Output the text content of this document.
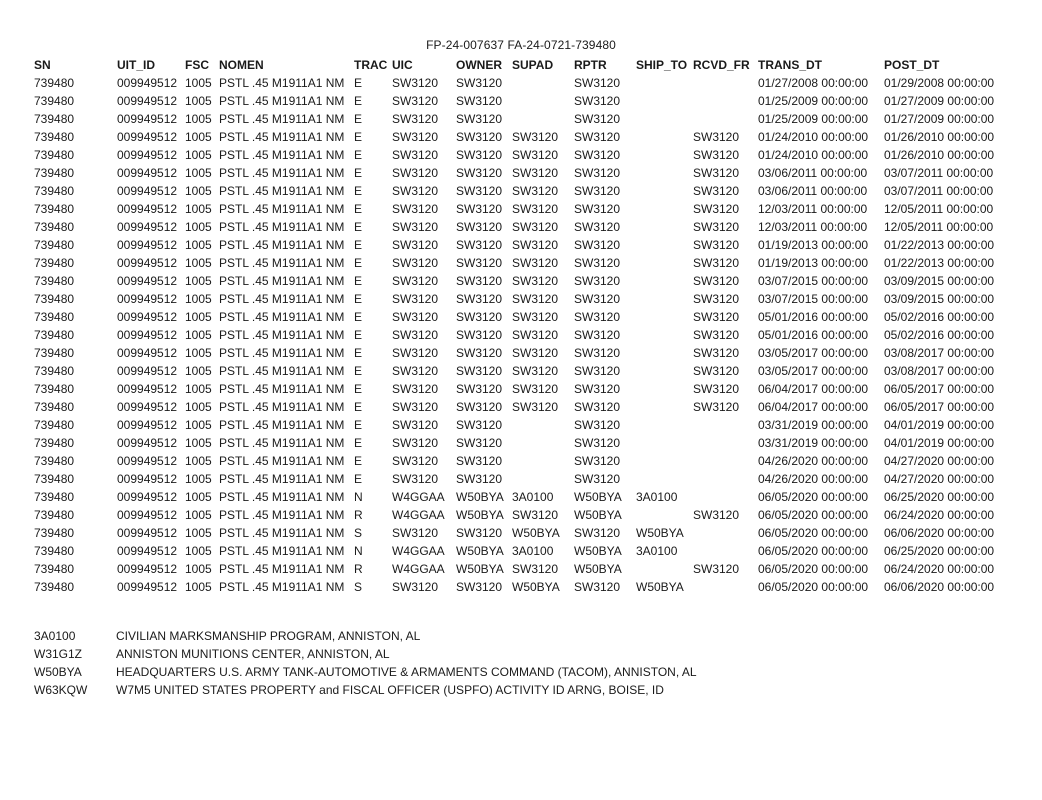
FP-24-007637 FA-24-0721-739480
SN	UIT_ID	FSC	NOMEN	TRAC	UIC	OWNER	SUPAD	RPTR	SHIP_TO	RCVD_FR	TRANS_DT	POST_DT
739480	009949512	1005	PSTL .45 M1911A1 NM	E	SW3120	SW3120		SW3120			01/27/2008 00:00:00	01/29/2008 00:00:00
739480	009949512	1005	PSTL .45 M1911A1 NM	E	SW3120	SW3120		SW3120			01/25/2009 00:00:00	01/27/2009 00:00:00
739480	009949512	1005	PSTL .45 M1911A1 NM	E	SW3120	SW3120		SW3120			01/25/2009 00:00:00	01/27/2009 00:00:00
739480	009949512	1005	PSTL .45 M1911A1 NM	E	SW3120	SW3120	SW3120	SW3120		SW3120	01/24/2010 00:00:00	01/26/2010 00:00:00
739480	009949512	1005	PSTL .45 M1911A1 NM	E	SW3120	SW3120	SW3120	SW3120		SW3120	01/24/2010 00:00:00	01/26/2010 00:00:00
739480	009949512	1005	PSTL .45 M1911A1 NM	E	SW3120	SW3120	SW3120	SW3120		SW3120	03/06/2011 00:00:00	03/07/2011 00:00:00
739480	009949512	1005	PSTL .45 M1911A1 NM	E	SW3120	SW3120	SW3120	SW3120		SW3120	03/06/2011 00:00:00	03/07/2011 00:00:00
739480	009949512	1005	PSTL .45 M1911A1 NM	E	SW3120	SW3120	SW3120	SW3120		SW3120	12/03/2011 00:00:00	12/05/2011 00:00:00
739480	009949512	1005	PSTL .45 M1911A1 NM	E	SW3120	SW3120	SW3120	SW3120		SW3120	12/03/2011 00:00:00	12/05/2011 00:00:00
739480	009949512	1005	PSTL .45 M1911A1 NM	E	SW3120	SW3120	SW3120	SW3120		SW3120	01/19/2013 00:00:00	01/22/2013 00:00:00
739480	009949512	1005	PSTL .45 M1911A1 NM	E	SW3120	SW3120	SW3120	SW3120		SW3120	01/19/2013 00:00:00	01/22/2013 00:00:00
739480	009949512	1005	PSTL .45 M1911A1 NM	E	SW3120	SW3120	SW3120	SW3120		SW3120	03/07/2015 00:00:00	03/09/2015 00:00:00
739480	009949512	1005	PSTL .45 M1911A1 NM	E	SW3120	SW3120	SW3120	SW3120		SW3120	03/07/2015 00:00:00	03/09/2015 00:00:00
739480	009949512	1005	PSTL .45 M1911A1 NM	E	SW3120	SW3120	SW3120	SW3120		SW3120	05/01/2016 00:00:00	05/02/2016 00:00:00
739480	009949512	1005	PSTL .45 M1911A1 NM	E	SW3120	SW3120	SW3120	SW3120		SW3120	05/01/2016 00:00:00	05/02/2016 00:00:00
739480	009949512	1005	PSTL .45 M1911A1 NM	E	SW3120	SW3120	SW3120	SW3120		SW3120	03/05/2017 00:00:00	03/08/2017 00:00:00
739480	009949512	1005	PSTL .45 M1911A1 NM	E	SW3120	SW3120	SW3120	SW3120		SW3120	03/05/2017 00:00:00	03/08/2017 00:00:00
739480	009949512	1005	PSTL .45 M1911A1 NM	E	SW3120	SW3120	SW3120	SW3120		SW3120	06/04/2017 00:00:00	06/05/2017 00:00:00
739480	009949512	1005	PSTL .45 M1911A1 NM	E	SW3120	SW3120	SW3120	SW3120		SW3120	06/04/2017 00:00:00	06/05/2017 00:00:00
739480	009949512	1005	PSTL .45 M1911A1 NM	E	SW3120	SW3120		SW3120			03/31/2019 00:00:00	04/01/2019 00:00:00
739480	009949512	1005	PSTL .45 M1911A1 NM	E	SW3120	SW3120		SW3120			03/31/2019 00:00:00	04/01/2019 00:00:00
739480	009949512	1005	PSTL .45 M1911A1 NM	E	SW3120	SW3120		SW3120			04/26/2020 00:00:00	04/27/2020 00:00:00
739480	009949512	1005	PSTL .45 M1911A1 NM	E	SW3120	SW3120		SW3120			04/26/2020 00:00:00	04/27/2020 00:00:00
739480	009949512	1005	PSTL .45 M1911A1 NM	N	W4GGAA	W50BYA	3A0100	W50BYA	3A0100		06/05/2020 00:00:00	06/25/2020 00:00:00
739480	009949512	1005	PSTL .45 M1911A1 NM	R	W4GGAA	W50BYA	SW3120	W50BYA		SW3120	06/05/2020 00:00:00	06/24/2020 00:00:00
739480	009949512	1005	PSTL .45 M1911A1 NM	S	SW3120	SW3120	W50BYA	SW3120	W50BYA		06/05/2020 00:00:00	06/06/2020 00:00:00
739480	009949512	1005	PSTL .45 M1911A1 NM	N	W4GGAA	W50BYA	3A0100	W50BYA	3A0100		06/05/2020 00:00:00	06/25/2020 00:00:00
739480	009949512	1005	PSTL .45 M1911A1 NM	R	W4GGAA	W50BYA	SW3120	W50BYA		SW3120	06/05/2020 00:00:00	06/24/2020 00:00:00
739480	009949512	1005	PSTL .45 M1911A1 NM	S	SW3120	SW3120	W50BYA	SW3120	W50BYA		06/05/2020 00:00:00	06/06/2020 00:00:00
3A0100	CIVILIAN MARKSMANSHIP PROGRAM, ANNISTON, AL
W31G1Z	ANNISTON MUNITIONS CENTER, ANNISTON, AL
W50BYA	HEADQUARTERS U.S. ARMY TANK-AUTOMOTIVE & ARMAMENTS COMMAND (TACOM), ANNISTON, AL
W63KQW W7M5 UNITED STATES PROPERTY and FISCAL OFFICER (USPFO) ACTIVITY ID ARNG, BOISE, ID
